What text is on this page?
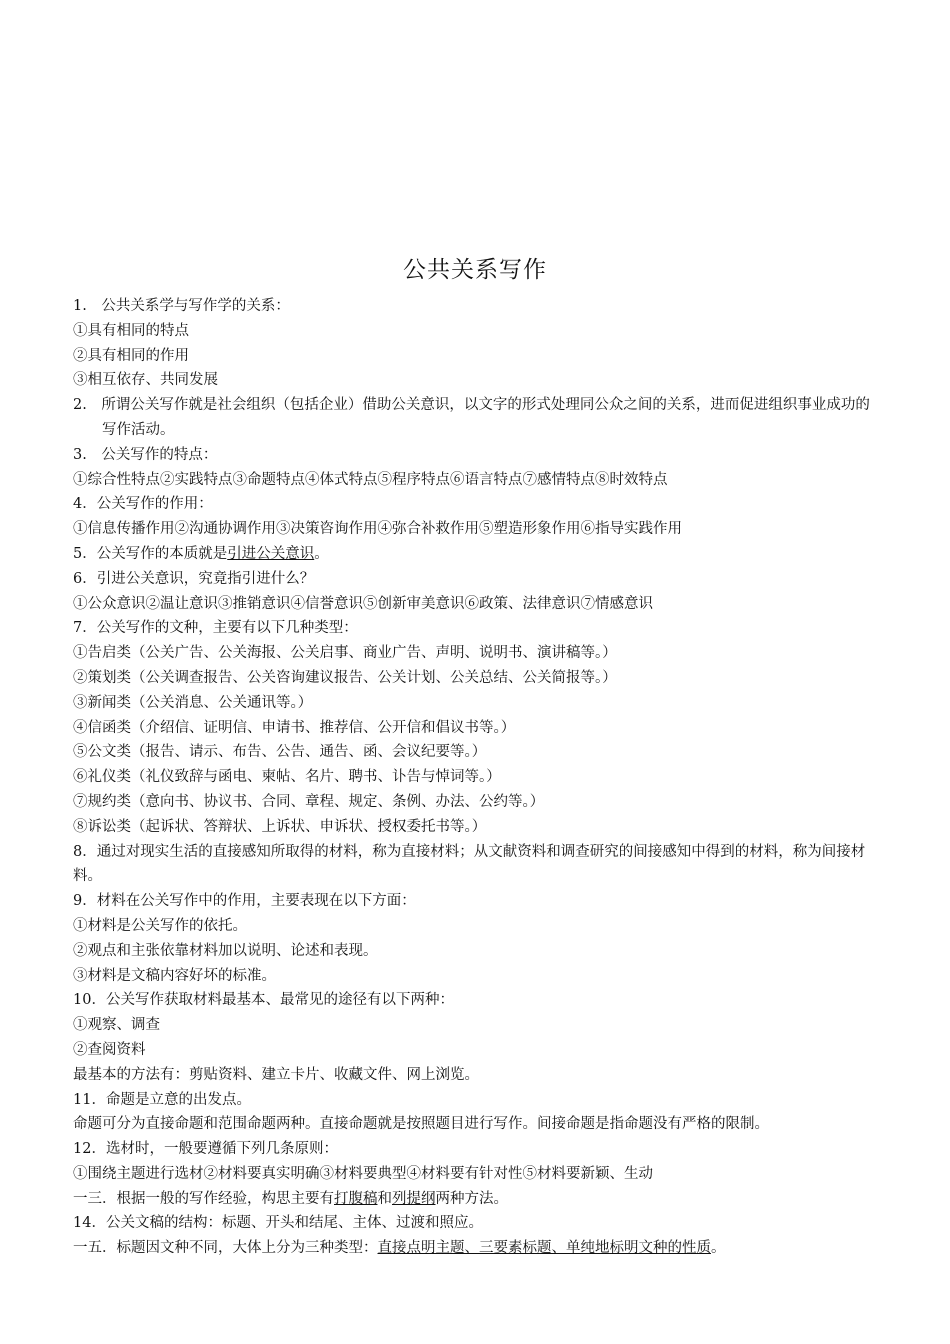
公共关系写作
1.　公共关系学与写作学的关系：
①具有相同的特点
②具有相同的作用
③相互依存、共同发展
2.　所谓公关写作就是社会组织（包括企业）借助公关意识，以文字的形式处理同公众之间的关系，进而促进组织事业成功的写作活动。
3.　公关写作的特点：
①综合性特点②实践特点③命题特点④体式特点⑤程序特点⑥语言特点⑦感情特点⑧时效特点
4．公关写作的作用：
①信息传播作用②沟通协调作用③决策咨询作用④弥合补救作用⑤塑造形象作用⑥指导实践作用
5．公关写作的本质就是引进公关意识。
6．引进公关意识，究竟指引进什么？
①公众意识②温让意识③推销意识④信誉意识⑤创新审美意识⑥政策、法律意识⑦情感意识
7．公关写作的文种，主要有以下几种类型：
①告启类（公关广告、公关海报、公关启事、商业广告、声明、说明书、演讲稿等。）
②策划类（公关调查报告、公关咨询建议报告、公关计划、公关总结、公关简报等。）
③新闻类（公关消息、公关通讯等。）
④信函类（介绍信、证明信、申请书、推荐信、公开信和倡议书等。）
⑤公文类（报告、请示、布告、公告、通告、函、会议纪要等。）
⑥礼仪类（礼仪致辞与函电、柬帖、名片、聘书、讣告与悼词等。）
⑦规约类（意向书、协议书、合同、章程、规定、条例、办法、公约等。）
⑧诉讼类（起诉状、答辩状、上诉状、申诉状、授权委托书等。）
8．通过对现实生活的直接感知所取得的材料，称为直接材料；从文献资料和调查研究的间接感知中得到的材料，称为间接材料。
9．材料在公关写作中的作用，主要表现在以下方面：
①材料是公关写作的依托。
②观点和主张依靠材料加以说明、论述和表现。
③材料是文稿内容好坏的标准。
10．公关写作获取材料最基本、最常见的途径有以下两种：
①观察、调查
②查阅资料
最基本的方法有：剪贴资料、建立卡片、收藏文件、网上浏览。
11．命题是立意的出发点。
命题可分为直接命题和范围命题两种。直接命题就是按照题目进行写作。间接命题是指命题没有严格的限制。
12．选材时，一般要遵循下列几条原则：
①围绕主题进行选材②材料要真实明确③材料要典型④材料要有针对性⑤材料要新颖、生动
一三．根据一般的写作经验，构思主要有打腹稿和列提纲两种方法。
14．公关文稿的结构：标题、开头和结尾、主体、过渡和照应。
一五．标题因文种不同，大体上分为三种类型：直接点明主题、三要素标题、单纯地标明文种的性质。
